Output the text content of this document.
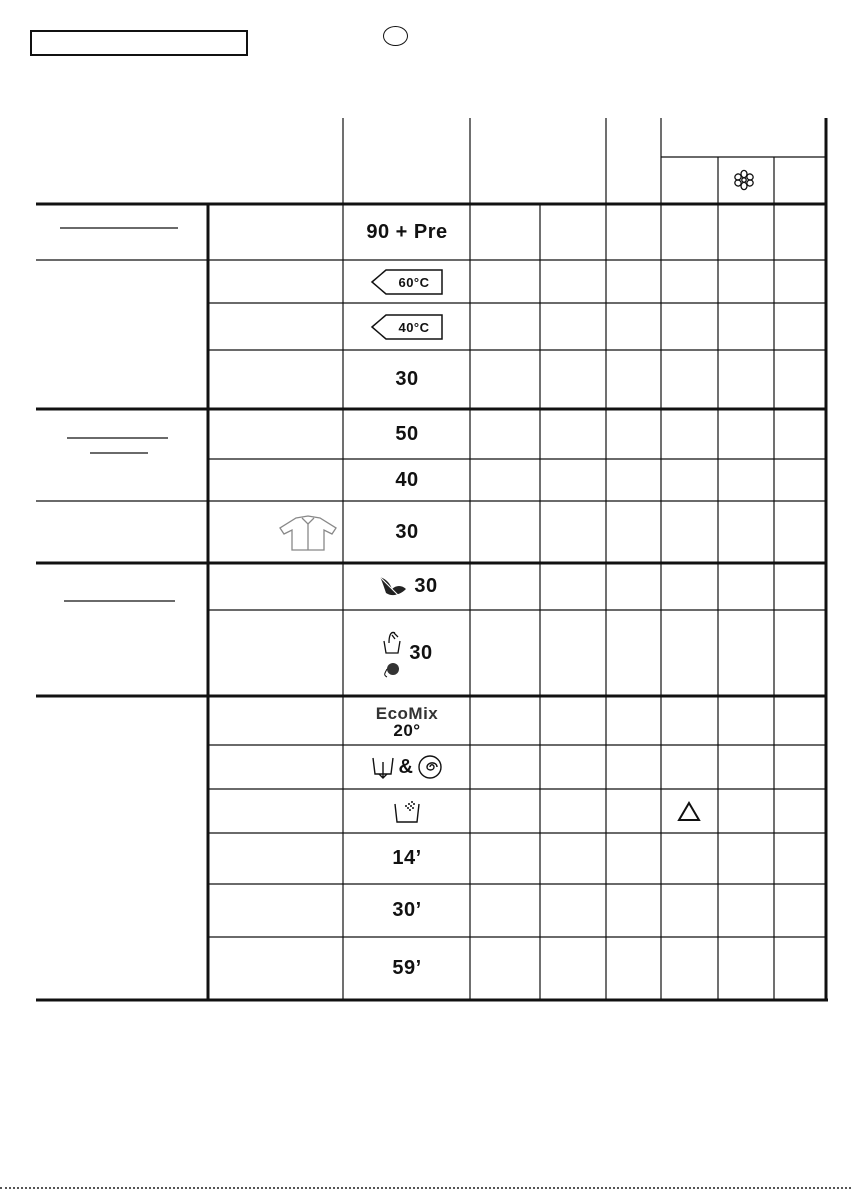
90 + Pre
60°C
40°C
30
50
40
30
30
30
EcoMix
20°
&
14’
30’
59’
